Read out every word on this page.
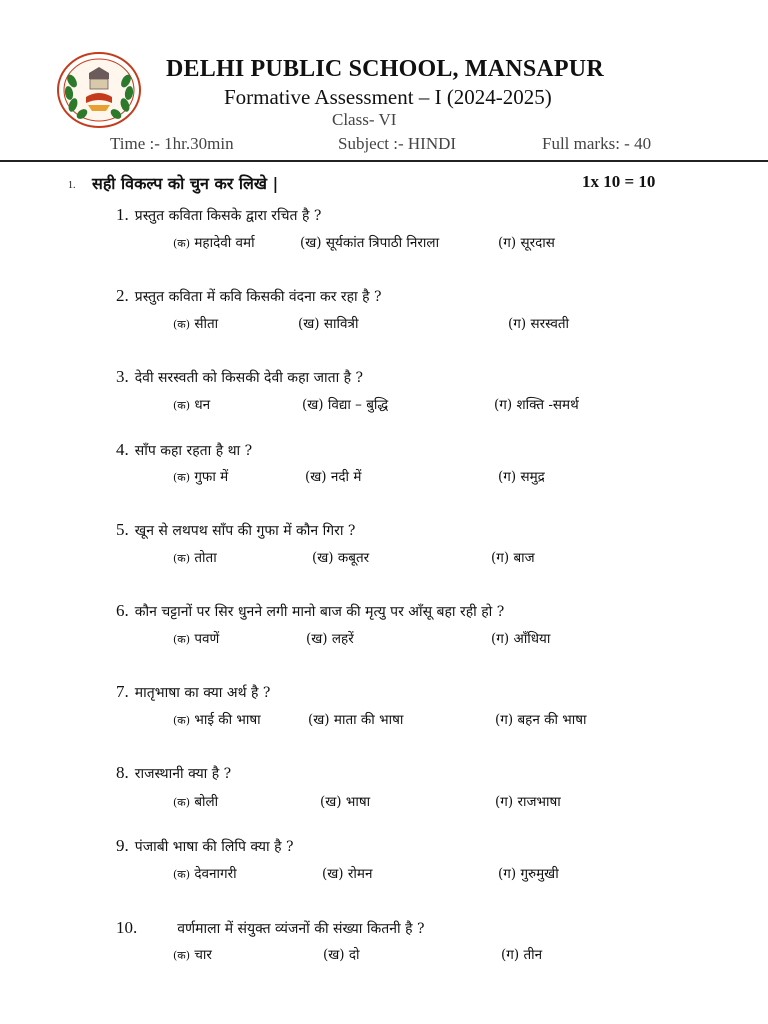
DELHI PUBLIC SCHOOL, MANSAPUR
Formative Assessment – I (2024-2025)
Class- VI
Time :- 1hr.30min	Subject :- HINDI	Full marks: - 40
1. सही विकल्प को चुन कर लिखे |	1x 10 = 10
1. प्रस्तुत कविता किसके द्वारा रचित है ?
(क) महादेवी वर्मा	(ख) सूर्यकांत त्रिपाठी निराला	(ग) सूरदास
2. प्रस्तुत कविता में कवि किसकी वंदना कर रहा है ?
(क) सीता	(ख) सावित्री	(ग) सरस्वती
3. देवी सरस्वती को किसकी देवी कहा जाता है ?
(क) धन	(ख) विद्या – बुद्धि	(ग) शक्ति -समर्थ
4. साँप कहा रहता है था ?
(क) गुफा में	(ख) नदी में	(ग) समुद्र
5. खून से लथपथ साँप की गुफा में कौन गिरा ?
(क) तोता	(ख) कबूतर	(ग) बाज
6. कौन चट्टानों पर सिर धुनने लगी मानो बाज की मृत्यु पर आँसू बहा रही हो ?
(क) पवणें	(ख) लहरें	(ग) आँधिया
7. मातृभाषा का क्या अर्थ है ?
(क) भाई की भाषा	(ख) माता की भाषा	(ग) बहन की भाषा
8. राजस्थानी क्या है ?
(क) बोली	(ख) भाषा	(ग) राजभाषा
9. पंजाबी भाषा की लिपि क्या है ?
(क) देवनागरी	(ख) रोमन	(ग) गुरुमुखी
10.	वर्णमाला में संयुक्त व्यंजनों की संख्या कितनी है ?
(क) चार	(ख) दो	(ग) तीन
